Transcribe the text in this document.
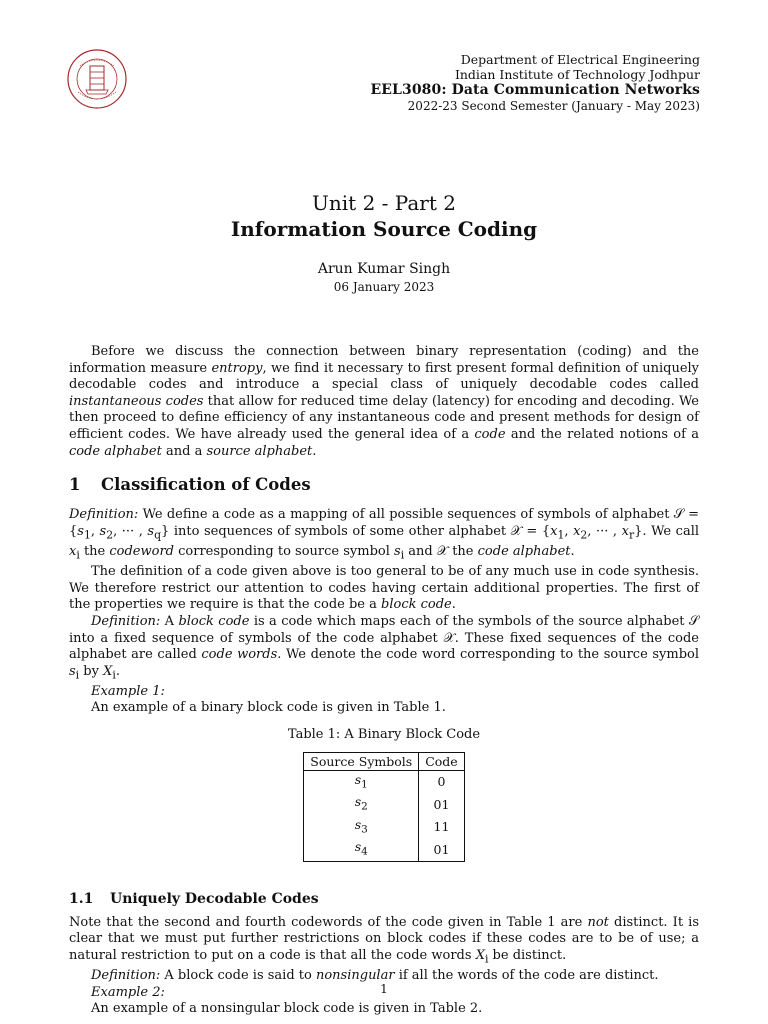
Department of Electrical Engineering
Indian Institute of Technology Jodhpur
EEL3080: Data Communication Networks
2022-23 Second Semester (January - May 2023)
Unit 2 - Part 2
Information Source Coding
Arun Kumar Singh
06 January 2023

Before we discuss the connection between binary representation (coding) and the information measure entropy, we find it necessary to first present formal definition of uniquely decodable codes and introduce a special class of uniquely decodable codes called instantaneous codes that allow for reduced time delay (latency) for encoding and decoding. We then proceed to define efficiency of any instantaneous code and present methods for design of efficient codes. We have already used the general idea of a code and the related notions of a code alphabet and a source alphabet.

1 Classification of Codes

Definition: We define a code as a mapping of all possible sequences of symbols of alphabet 𝒮 = {$s_1$, $s_2$, ··· , $s_q$} into sequences of symbols of some other alphabet 𝒳 = {$x_1$, $x_2$, ··· , $x_r$}. We call $x_i$ the codeword corresponding to source symbol $s_i$ and 𝒳 the code alphabet.

The definition of a code given above is too general to be of any much use in code synthesis. We therefore restrict our attention to codes having certain additional properties. The first of the properties we require is that the code be a block code.

Definition: A block code is a code which maps each of the symbols of the source alphabet 𝒮 into a fixed sequence of symbols of the code alphabet 𝒳. These fixed sequences of the code alphabet are called code words. We denote the code word corresponding to the source symbol $s_i$ by $X_i$.

Example 1:

An example of a binary block code is given in Table 1.

Table 1: A Binary Block Code
Source Symbols	Code
$s_1$	0
$s_2$	01
$s_3$	11
$s_4$	01
1.1 Uniquely Decodable Codes

Note that the second and fourth codewords of the code given in Table 1 are not distinct. It is clear that we must put further restrictions on block codes if these codes are to be of use; a natural restriction to put on a code is that all the code words $X_i$ be distinct.

Definition: A block code is said to nonsingular if all the words of the code are distinct.

Example 2:

An example of a nonsingular block code is given in Table 2.

1
